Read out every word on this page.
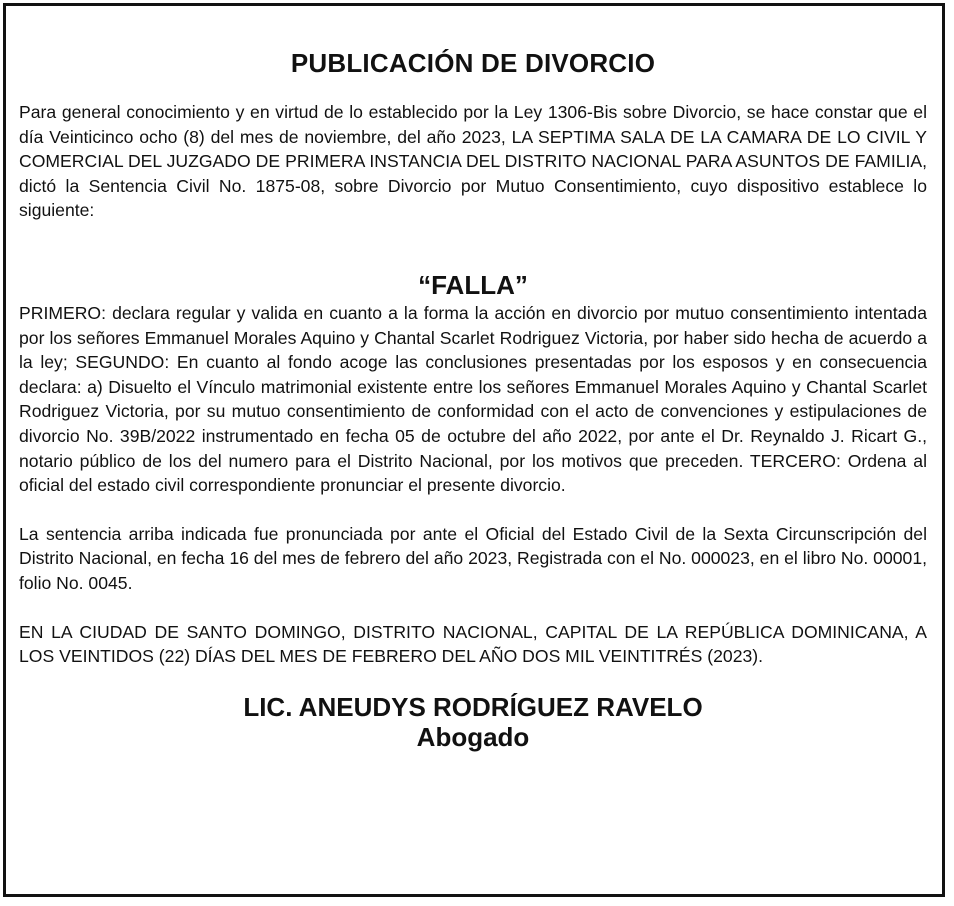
PUBLICACIÓN DE DIVORCIO

Para general conocimiento y en virtud de lo establecido por la Ley 1306-Bis sobre Divorcio, se hace constar que el día Veinticinco ocho (8) del mes de noviembre, del año 2023, LA SEPTIMA SALA DE LA CAMARA DE LO CIVIL Y COMERCIAL DEL JUZGADO DE PRIMERA INSTANCIA DEL DISTRITO NACIONAL PARA ASUNTOS DE FAMILIA, dictó la Sentencia Civil No. 1875-08, sobre Divorcio por Mutuo Consentimiento, cuyo dispositivo establece lo siguiente:

“FALLA”

PRIMERO: declara regular y valida en cuanto a la forma la acción en divorcio por mutuo consentimiento intentada por los señores Emmanuel Morales Aquino y Chantal Scarlet Rodriguez Victoria, por haber sido hecha de acuerdo a la ley; SEGUNDO: En cuanto al fondo acoge las conclusiones presentadas por los esposos y en consecuencia declara: a) Disuelto el Vínculo matrimonial existente entre los señores Emmanuel Morales Aquino y Chantal Scarlet Rodriguez Victoria, por su mutuo consentimiento de conformidad con el acto de convenciones y estipulaciones de divorcio No. 39B/2022 instrumentado en fecha 05 de octubre del año 2022, por ante el Dr. Reynaldo J. Ricart G., notario público de los del numero para el Distrito Nacional, por los motivos que preceden. TERCERO: Ordena al oficial del estado civil correspondiente pronunciar el presente divorcio.

La sentencia arriba indicada fue pronunciada por ante el Oficial del Estado Civil de la Sexta Circunscripción del Distrito Nacional, en fecha 16 del mes de febrero del año 2023, Registrada con el No. 000023, en el libro No. 00001, folio No. 0045.

EN LA CIUDAD DE SANTO DOMINGO, DISTRITO NACIONAL, CAPITAL DE LA REPÚBLICA DOMINICANA, A LOS VEINTIDOS (22) DÍAS DEL MES DE FEBRERO DEL AÑO DOS MIL VEINTITRÉS (2023).

LIC. ANEUDYS RODRÍGUEZ RAVELO
Abogado
